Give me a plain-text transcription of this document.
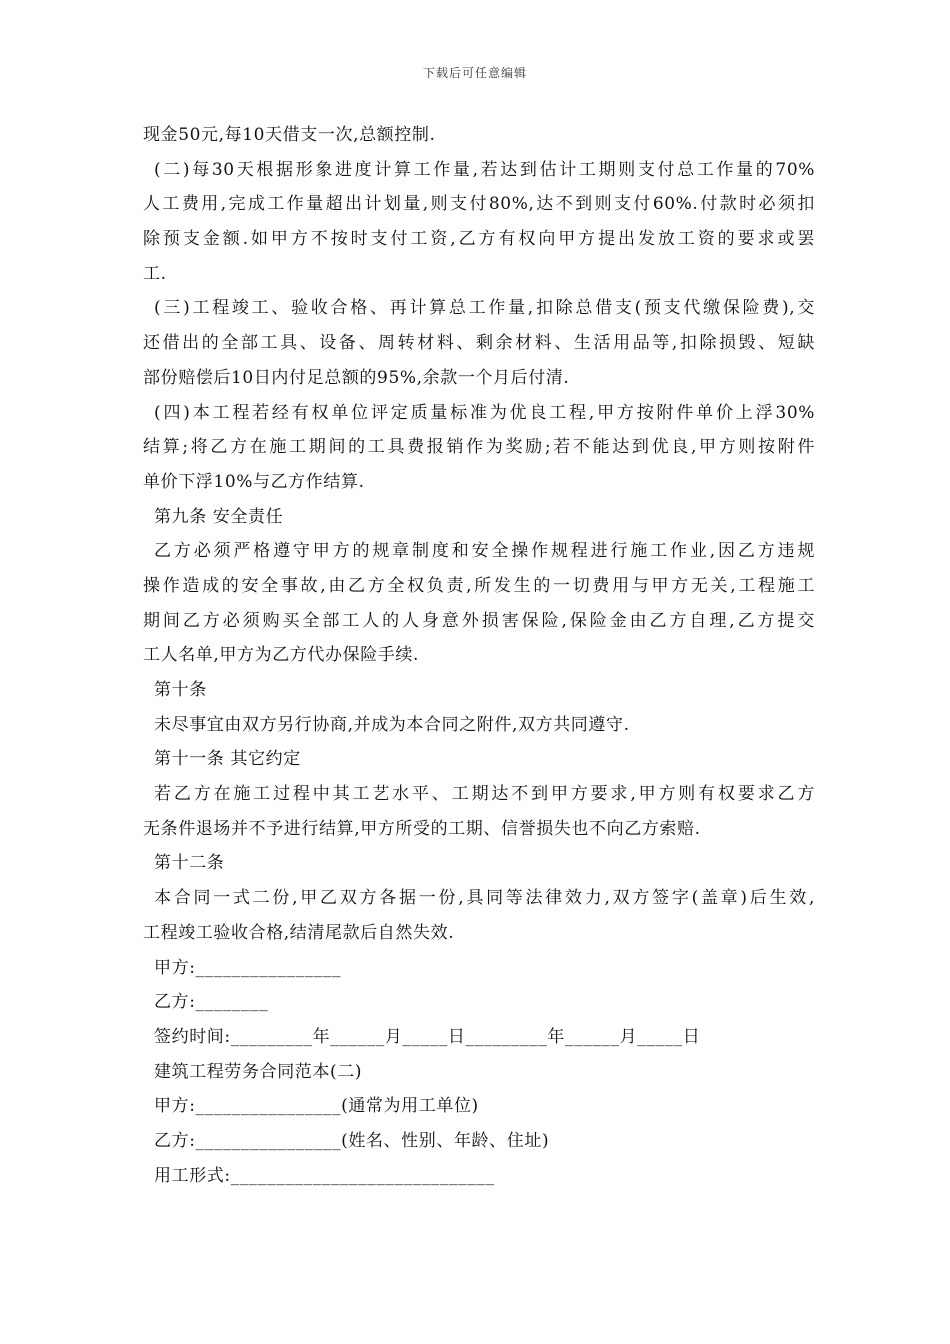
下载后可任意编辑
现金50元,每10天借支一次,总额控制.
(二)每30天根据形象进度计算工作量,若达到估计工期则支付总工作量的70%
人工费用,完成工作量超出计划量,则支付80%,达不到则支付60%.付款时必须扣
除预支金额.如甲方不按时支付工资,乙方有权向甲方提出发放工资的要求或罢
工.
(三)工程竣工、验收合格、再计算总工作量,扣除总借支(预支代缴保险费),交
还借出的全部工具、设备、周转材料、剩余材料、生活用品等,扣除损毁、短缺
部份赔偿后10日内付足总额的95%,余款一个月后付清.
(四)本工程若经有权单位评定质量标准为优良工程,甲方按附件单价上浮30%
结算;将乙方在施工期间的工具费报销作为奖励;若不能达到优良,甲方则按附件
单价下浮10%与乙方作结算.
第九条 安全责任
乙方必须严格遵守甲方的规章制度和安全操作规程进行施工作业,因乙方违规
操作造成的安全事故,由乙方全权负责,所发生的一切费用与甲方无关,工程施工
期间乙方必须购买全部工人的人身意外损害保险,保险金由乙方自理,乙方提交
工人名单,甲方为乙方代办保险手续.
第十条
未尽事宜由双方另行协商,并成为本合同之附件,双方共同遵守.
第十一条 其它约定
若乙方在施工过程中其工艺水平、工期达不到甲方要求,甲方则有权要求乙方
无条件退场并不予进行结算,甲方所受的工期、信誉损失也不向乙方索赔.
第十二条
本合同一式二份,甲乙双方各据一份,具同等法律效力,双方签字(盖章)后生效,
工程竣工验收合格,结清尾款后自然失效.
甲方:________________
乙方:________
签约时间:_________年______月_____日_________年______月_____日
建筑工程劳务合同范本(二)
甲方:________________(通常为用工单位)
乙方:________________(姓名、性别、年龄、住址)
用工形式:_____________________________
